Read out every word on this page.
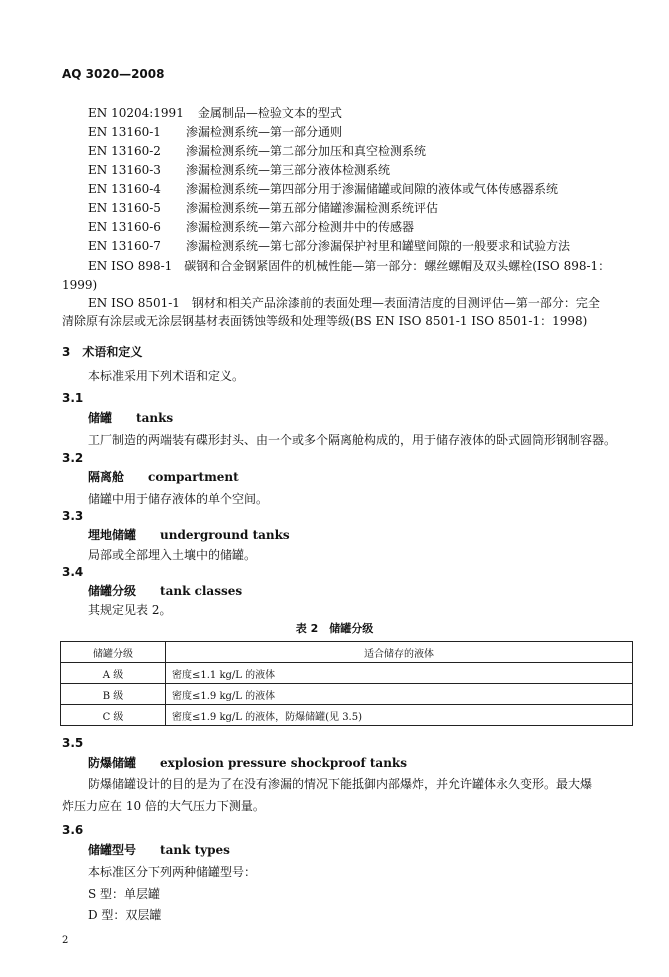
AQ 3020—2008
EN 10204:1991 金属制品—检验文本的型式
EN 13160-1 渗漏检测系统—第一部分通则
EN 13160-2 渗漏检测系统—第二部分加压和真空检测系统
EN 13160-3 渗漏检测系统—第三部分液体检测系统
EN 13160-4 渗漏检测系统—第四部分用于渗漏储罐或间隙的液体或气体传感器系统
EN 13160-5 渗漏检测系统—第五部分储罐渗漏检测系统评估
EN 13160-6 渗漏检测系统—第六部分检测井中的传感器
EN 13160-7 渗漏检测系统—第七部分渗漏保护衬里和罐壁间隙的一般要求和试验方法
EN ISO 898-1　碳钢和合金钢紧固件的机械性能—第一部分：螺丝螺帽及双头螺栓(ISO 898-1：
1999)
EN ISO 8501-1　钢材和相关产品涂漆前的表面处理—表面清洁度的目测评估—第一部分：完全
清除原有涂层或无涂层钢基材表面锈蚀等级和处理等级(BS EN ISO 8501-1 ISO 8501-1：1998)
3　 术语和定义
本标准采用下列术语和定义。
3.1
储罐　　 tanks
工厂制造的两端装有碟形封头、由一个或多个隔离舱构成的，用于储存液体的卧式圆筒形钢制容器。
3.2
隔离舱　　 compartment
储罐中用于储存液体的单个空间。
3.3
埋地储罐　　 underground tanks
局部或全部埋入土壤中的储罐。
3.4
储罐分级　　 tank classes
其规定见表 2。
表 2　储罐分级
储罐分级	适合储存的液体
A 级	密度≤1.1 kg/L 的液体
B 级	密度≤1.9 kg/L 的液体
C 级	密度≤1.9 kg/L 的液体，防爆储罐(见 3.5)
3.5
防爆储罐　　 explosion pressure shockproof tanks
防爆储罐设计的目的是为了在没有渗漏的情况下能抵御内部爆炸，并允许罐体永久变形。最大爆
炸压力应在 10 倍的大气压力下测量。
3.6
储罐型号　　 tank types
本标准区分下列两种储罐型号：
S 型：单层罐
D 型：双层罐
2
